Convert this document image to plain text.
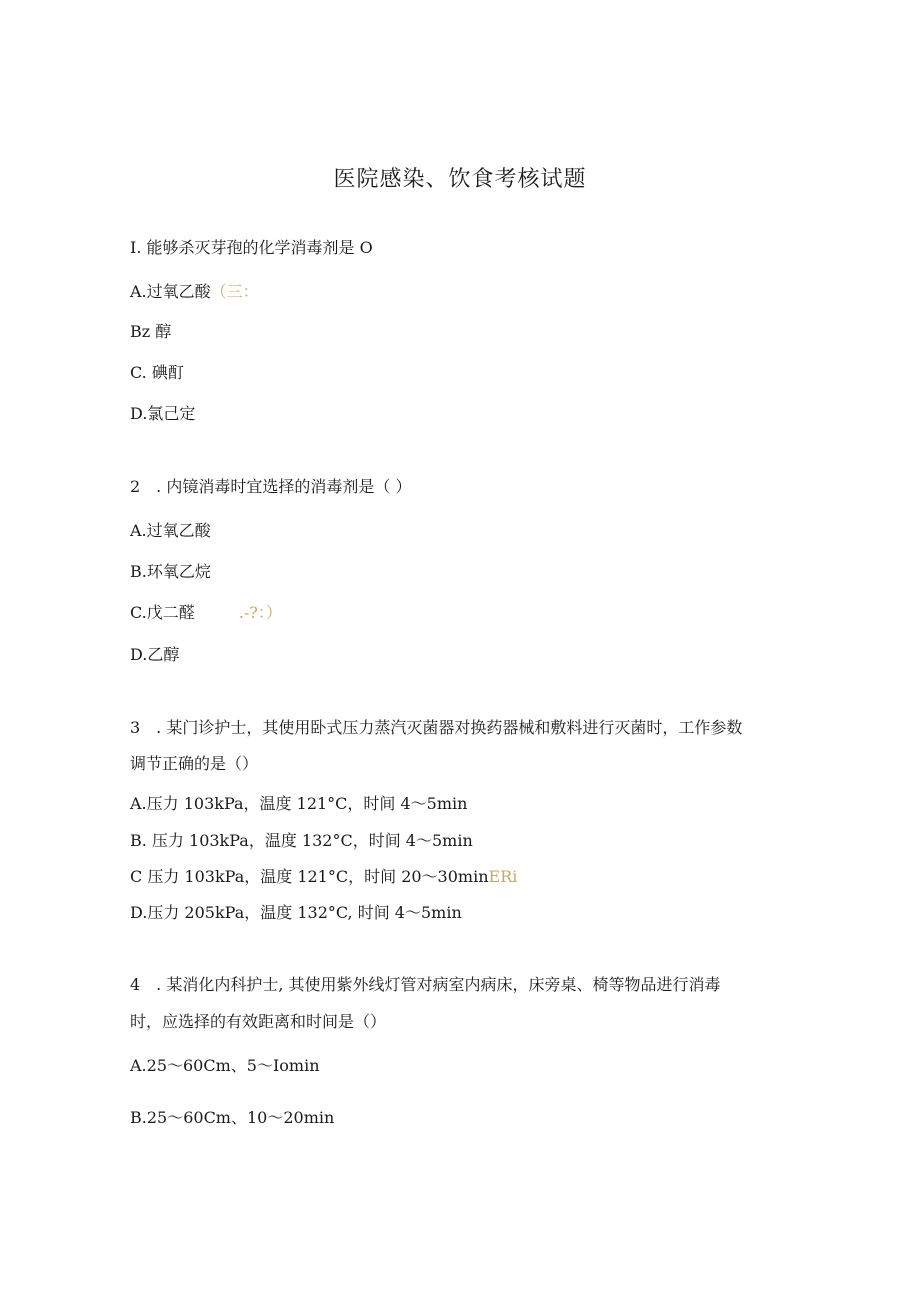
医院感染、饮食考核试题
I. 能够杀灭芽孢的化学消毒剂是 O
A.过氧乙酸（三：
Bz 醇
C. 碘酊
D.氯己定
2　. 内镜消毒时宜选择的消毒剂是（ ）
A.过氧乙酸
B.环氧乙烷
C.戊二醛	.-?：）
D.乙醇
3　. 某门诊护士，其使用卧式压力蒸汽灭菌器对换药器械和敷料进行灭菌时，工作参数
调节正确的是（）
A.压力 103kPa，温度 121°C，时间 4～5min
B. 压力 103kPa，温度 132°C，时间 4～5min
C 压力 103kPa，温度 121°C，时间 20～30minERi
D.压力 205kPa，温度 132°C, 时间 4～5min
4　. 某消化内科护士, 其使用紫外线灯管对病室内病床，床旁桌、椅等物品进行消毒
时，应选择的有效距离和时间是（）
A.25～60Cm、5～Iomin
B.25～60Cm、10～20min
